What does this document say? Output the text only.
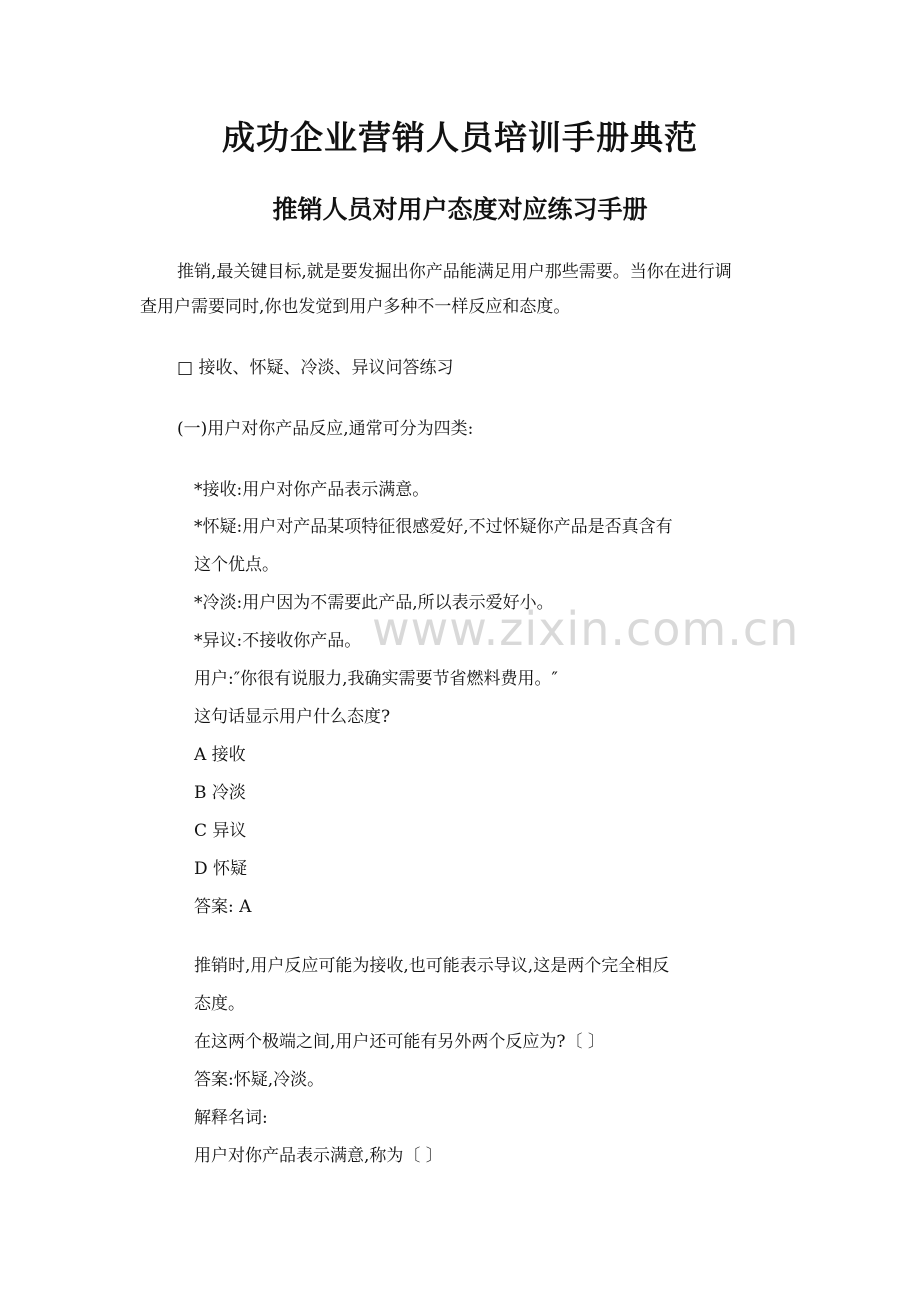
成功企业营销人员培训手册典范
推销人员对用户态度对应练习手册
推销,最关键目标,就是要发掘出你产品能满足用户那些需要。当你在进行调
查用户需要同时,你也发觉到用户多种不一样反应和态度。
□ 接收、怀疑、冷淡、异议问答练习
(一)用户对你产品反应,通常可分为四类:
*接收:用户对你产品表示满意。
*怀疑:用户对产品某项特征很感爱好,不过怀疑你产品是否真含有
这个优点。
*冷淡:用户因为不需要此产品,所以表示爱好小。
*异议:不接收你产品。
用户:″你很有说服力,我确实需要节省燃料费用。″
这句话显示用户什么态度?
A 接收
B 冷淡
C 异议
D 怀疑
答案: A
推销时,用户反应可能为接收,也可能表示导议,这是两个完全相反
态度。
在这两个极端之间,用户还可能有另外两个反应为?〔 〕
答案:怀疑,冷淡。
解释名词:
用户对你产品表示满意,称为〔 〕
www.zixin.com.cn
